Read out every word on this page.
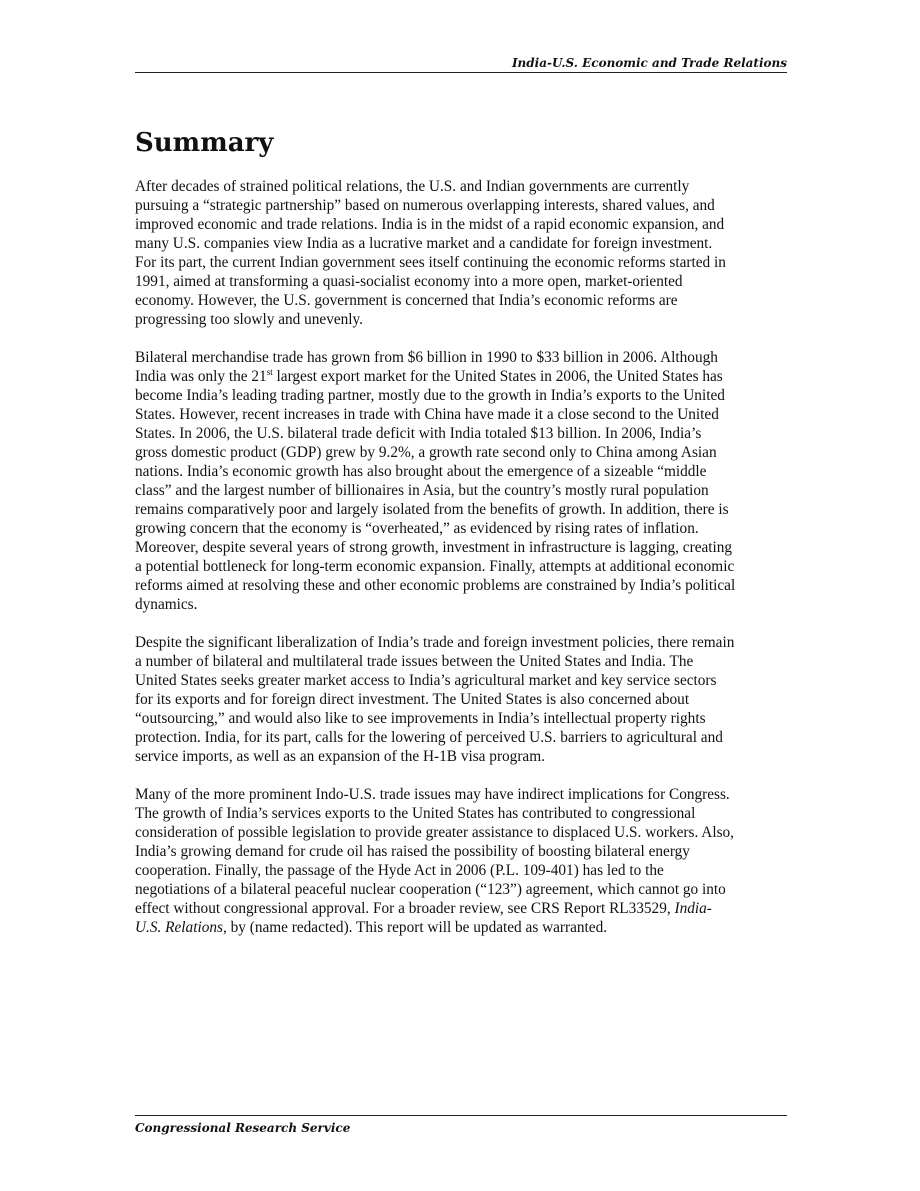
India-U.S. Economic and Trade Relations
Summary

After decades of strained political relations, the U.S. and Indian governments are currently
pursuing a “strategic partnership” based on numerous overlapping interests, shared values, and
improved economic and trade relations. India is in the midst of a rapid economic expansion, and
many U.S. companies view India as a lucrative market and a candidate for foreign investment.
For its part, the current Indian government sees itself continuing the economic reforms started in
1991, aimed at transforming a quasi-socialist economy into a more open, market-oriented
economy. However, the U.S. government is concerned that India’s economic reforms are
progressing too slowly and unevenly.

Bilateral merchandise trade has grown from $6 billion in 1990 to $33 billion in 2006. Although
India was only the 21st largest export market for the United States in 2006, the United States has
become India’s leading trading partner, mostly due to the growth in India’s exports to the United
States. However, recent increases in trade with China have made it a close second to the United
States. In 2006, the U.S. bilateral trade deficit with India totaled $13 billion. In 2006, India’s
gross domestic product (GDP) grew by 9.2%, a growth rate second only to China among Asian
nations. India’s economic growth has also brought about the emergence of a sizeable “middle
class” and the largest number of billionaires in Asia, but the country’s mostly rural population
remains comparatively poor and largely isolated from the benefits of growth. In addition, there is
growing concern that the economy is “overheated,” as evidenced by rising rates of inflation.
Moreover, despite several years of strong growth, investment in infrastructure is lagging, creating
a potential bottleneck for long-term economic expansion. Finally, attempts at additional economic
reforms aimed at resolving these and other economic problems are constrained by India’s political
dynamics.

Despite the significant liberalization of India’s trade and foreign investment policies, there remain
a number of bilateral and multilateral trade issues between the United States and India. The
United States seeks greater market access to India’s agricultural market and key service sectors
for its exports and for foreign direct investment. The United States is also concerned about
“outsourcing,” and would also like to see improvements in India’s intellectual property rights
protection. India, for its part, calls for the lowering of perceived U.S. barriers to agricultural and
service imports, as well as an expansion of the H-1B visa program.

Many of the more prominent Indo-U.S. trade issues may have indirect implications for Congress.
The growth of India’s services exports to the United States has contributed to congressional
consideration of possible legislation to provide greater assistance to displaced U.S. workers. Also,
India’s growing demand for crude oil has raised the possibility of boosting bilateral energy
cooperation. Finally, the passage of the Hyde Act in 2006 (P.L. 109-401) has led to the
negotiations of a bilateral peaceful nuclear cooperation (“123”) agreement, which cannot go into
effect without congressional approval. For a broader review, see CRS Report RL33529, India-
U.S. Relations, by (name redacted). This report will be updated as warranted.

Congressional Research Service
